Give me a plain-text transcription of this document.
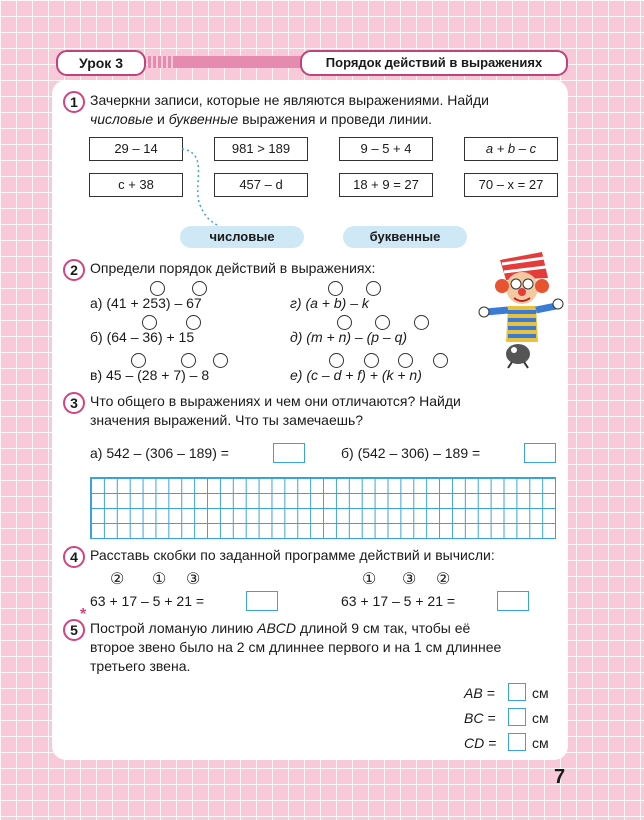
Урок 3	Порядок действий в выражениях
1 Зачеркни записи, которые не являются выражениями. Найди
числовые и буквенные выражения и проведи линии.
29 – 14	981 > 189	9 – 5 + 4	a + b – c
c + 38	457 – d	18 + 9 = 27	70 – x = 27
числовые	буквенные
2 Определи порядок действий в выражениях:
а) (41 + 253) – 67	г) (a + b) – k
б) (64 – 36) + 15	д) (m + n) – (p – q)
в) 45 – (28 + 7) – 8	е) (c – d + f) + (k + n)
3 Что общего в выражениях и чем они отличаются? Найди
значения выражений. Что ты замечаешь?
а) 542 – (306 – 189) =	б) (542 – 306) – 189 =
4 Расставь скобки по заданной программе действий и вычисли:
② ① ③	① ③ ②
63 + 17 – 5 + 21 =	63 + 17 – 5 + 21 =
5
*
Построй ломаную линию ABCD длиной 9 см так, чтобы её
второе звено было на 2 см длиннее первого и на 1 см длиннее
третьего звена.
AB =	см
BC =	см
CD =	см
7
